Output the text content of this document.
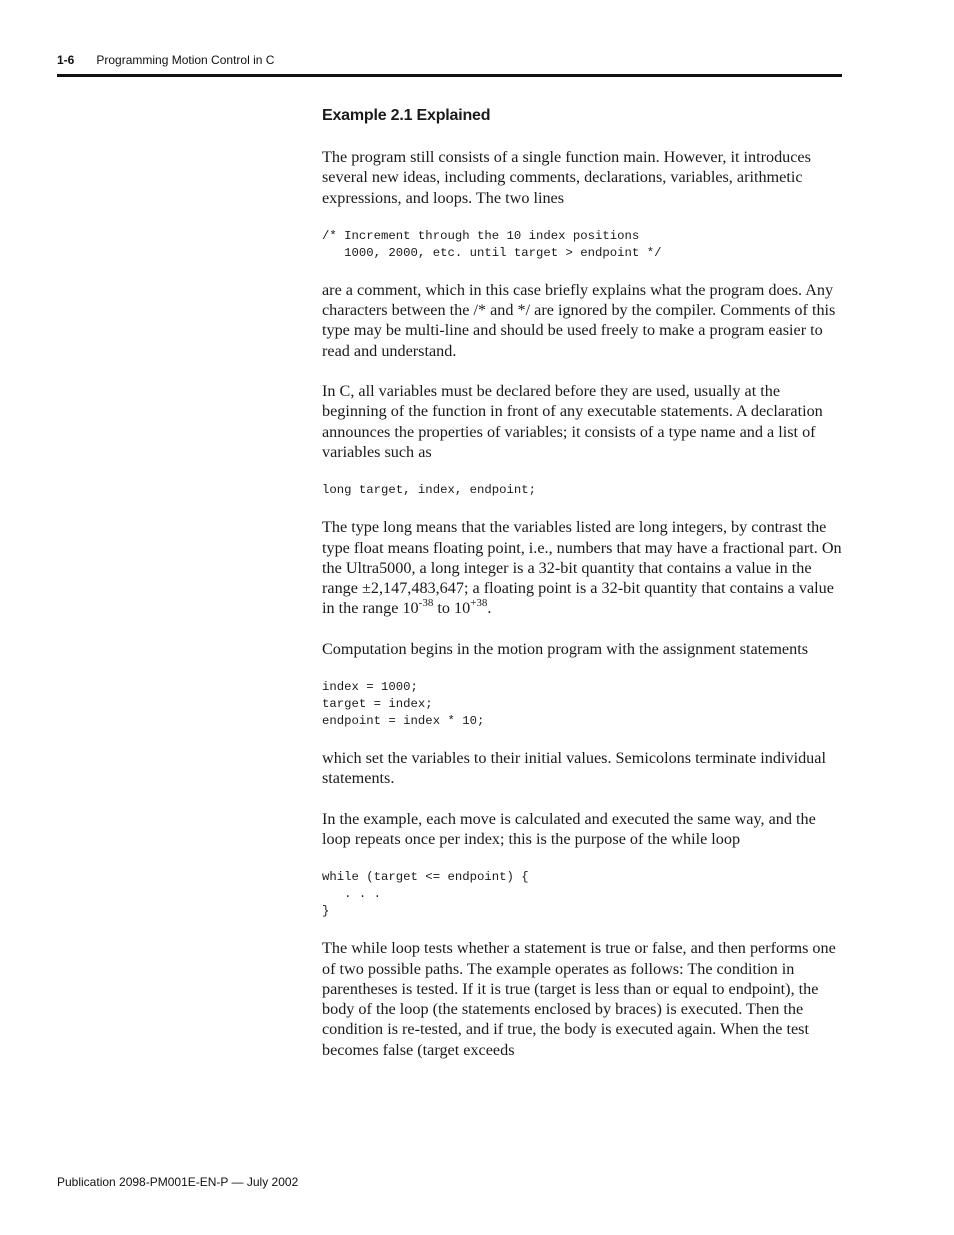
1-6 Programming Motion Control in C
Example 2.1 Explained

The program still consists of a single function main. However, it introduces several new ideas, including comments, declarations, variables, arithmetic expressions, and loops. The two lines

/* Increment through the 10 index positions
1000, 2000, etc. until target > endpoint */

are a comment, which in this case briefly explains what the program does. Any characters between the /* and */ are ignored by the compiler. Comments of this type may be multi-line and should be used freely to make a program easier to read and understand.

In C, all variables must be declared before they are used, usually at the beginning of the function in front of any executable statements. A declaration announces the properties of variables; it consists of a type name and a list of variables such as

long target, index, endpoint;

The type long means that the variables listed are long integers, by contrast the type float means floating point, i.e., numbers that may have a fractional part. On the Ultra5000, a long integer is a 32-bit quantity that contains a value in the range ±2,147,483,647; a floating point is a 32-bit quantity that contains a value in the range $10^{-38}$ to $10^{+38}$.

Computation begins in the motion program with the assignment statements

index = 1000;
target = index;
endpoint = index * 10;

which set the variables to their initial values. Semicolons terminate individual statements.

In the example, each move is calculated and executed the same way, and the loop repeats once per index; this is the purpose of the while loop

while (target <= endpoint) {
. . .
}

The while loop tests whether a statement is true or false, and then performs one of two possible paths. The example operates as follows: The condition in parentheses is tested. If it is true (target is less than or equal to endpoint), the body of the loop (the statements enclosed by braces) is executed. Then the condition is re-tested, and if true, the body is executed again. When the test becomes false (target exceeds

Publication 2098-PM001E-EN-P — July 2002
